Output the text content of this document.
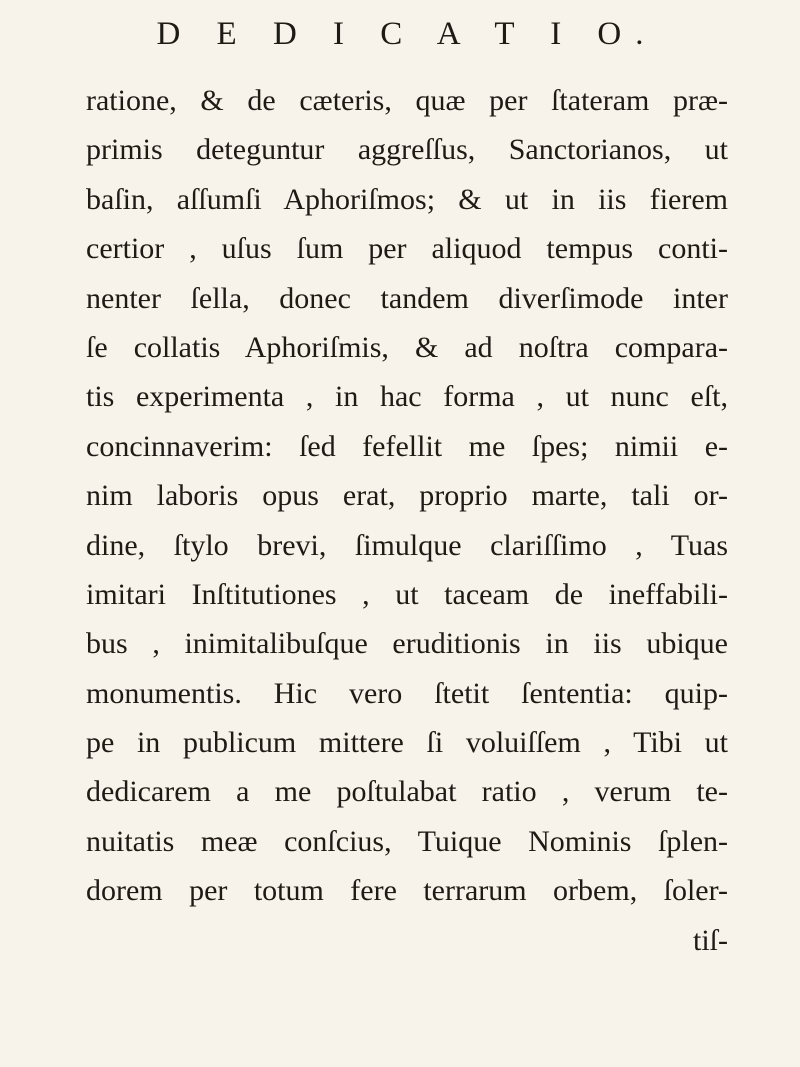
D E D I C A T I O.
ratione, & de cæteris, quæ per ſtateram præ-
primis deteguntur aggreſſus, Sanctorianos, ut
baſin, aſſumſi Aphoriſmos; & ut in iis fierem
certior , uſus ſum per aliquod tempus conti-
nenter ſella, donec tandem diverſimode inter
ſe collatis Aphoriſmis, & ad noſtra compara-
tis experimenta , in hac forma , ut nunc eſt,
concinnaverim: ſed fefellit me ſpes; nimii e-
nim laboris opus erat, proprio marte, tali or-
dine, ſtylo brevi, ſimulque clariſſimo , Tuas
imitari Inſtitutiones , ut taceam de ineffabili-
bus , inimitalibuſque eruditionis in iis ubique
monumentis. Hic vero ſtetit ſententia: quip-
pe in publicum mittere ſi voluiſſem , Tibi ut
dedicarem a me poſtulabat ratio , verum te-
nuitatis meæ conſcius, Tuique Nominis ſplen-
dorem per totum fere terrarum orbem, ſoler-
tiſ-
